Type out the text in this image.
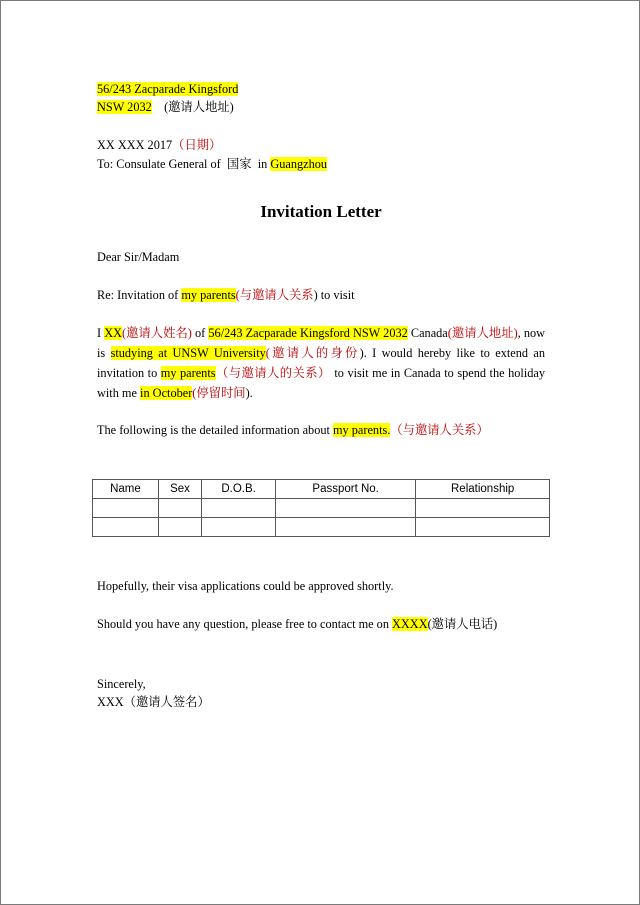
56/243 Zacparade Kingsford
NSW 2032 (邀请人地址)
XX XXX 2017（日期）
To: Consulate General of 国家 in Guangzhou
Invitation Letter
Dear Sir/Madam
Re: Invitation of my parents(与邀请人关系) to visit
I XX(邀请人姓名) of 56/243 Zacparade Kingsford NSW 2032 Canada(邀请人地址), now is studying at UNSW University(邀请人的身份). I would hereby like to extend an invitation to my parents（与邀请人的关系） to visit me in Canada to spend the holiday with me in October(停留时间).
The following is the detailed information about my parents.（与邀请人关系）
Name	Sex	D.O.B.	Passport No.	Relationship

Hopefully, their visa applications could be approved shortly.
Should you have any question, please free to contact me on XXXX(邀请人电话)
Sincerely,
XXX（邀请人签名）
